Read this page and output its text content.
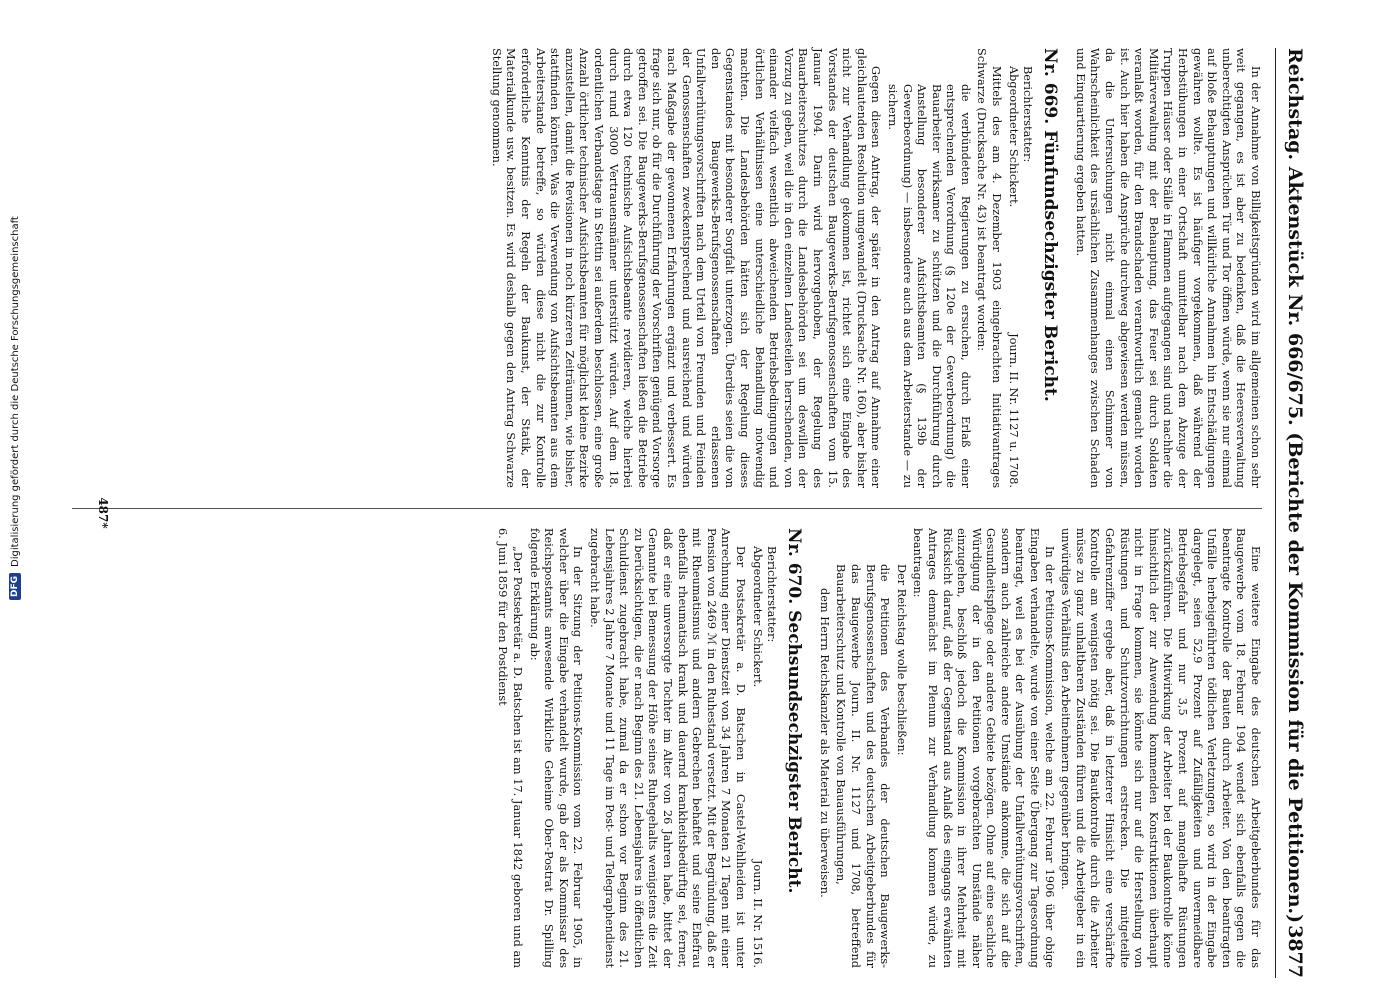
Reichstag. Aktenstück Nr. 666/675. (Berichte der Kommission für die Petitionen.)
3877

In der Annahme von Billigkeitsgründen wird im allgemeinen schon sehr weit gegangen, es ist aber zu bedenken, daß die Heeresverwaltung unberechtigten Ansprüchen Tür und Tor öffnen würde, wenn sie nur einmal auf bloße Behauptungen und willkürliche Annahmen hin Entschädigungen gewähren wollte. Es ist häufiger vorgekommen, daß während der Herbstübungen in einer Ortschaft unmittelbar nach dem Abzuge der Truppen Häuser oder Ställe in Flammen aufgegangen sind und nachher die Militärverwaltung mit der Behauptung, das Feuer sei durch Soldaten veranlaßt worden, für den Brandschaden verantwortlich gemacht worden ist. Auch hier haben die Ansprüche durchweg abgewiesen werden müssen, da die Untersuchungen nicht einmal einen Schimmer von Wahrscheinlichkeit des ursächlichen Zusammenhanges zwischen Schaden und Einquartierung ergeben hatten.

Nr. 669. Fünfundsechzigster Bericht.
Berichterstatter:
Abgeordneter Schickert.
Journ. II. Nr. 1127 u. 1708.

Mittels des am 4. Dezember 1903 eingebrachten Initiativantrages Schwarze (Drucksache Nr. 43) ist beantragt worden:

die verbündeten Regierungen zu ersuchen, durch Erlaß einer entsprechenden Verordnung (§ 120e der Gewerbeordnung) die Bauarbeiter wirksamer zu schützen und die Durchführung durch Anstellung besonderer Aufsichtsbeamten (§ 139b der Gewerbeordnung) — insbesondere auch aus dem Arbeiterstande — zu sichern.

Gegen diesen Antrag, der später in den Antrag auf Annahme einer gleichlautenden Resolution umgewandelt (Drucksache Nr. 160), aber bisher nicht zur Verhandlung gekommen ist, richtet sich eine Eingabe des Vorstandes der deutschen Baugewerks-Berufsgenossenschaften vom 15. Januar 1904. Darin wird hervorgehoben, der Regelung des Bauarbeiterschutzes durch die Landesbehörden sei um deswillen der Vorzug zu geben, weil die in den einzelnen Landesteilen herrschenden, von einander vielfach wesentlich abweichenden Betriebsbedingungen und örtlichen Verhältnissen eine unterschiedliche Behandlung notwendig machten. Die Landesbehörden hätten sich der Regelung dieses Gegenstandes mit besonderer Sorgfalt unterzogen. Überdies seien die von den Baugewerks-Berufsgenossenschaften erlassenen Unfallverhütungsvorschriften nach dem Urteil von Freunden und Feinden der Genossenschaften zweckentsprechend und ausreichend und würden nach Maßgabe der gewonnenen Erfahrungen ergänzt und verbessert. Es frage sich nur, ob für die Durchführung der Vorschriften genügend Vorsorge getroffen sei. Die Baugewerks-Berufsgenossenschaften ließen die Betriebe durch etwa 120 technische Aufsichtsbeamte revidieren, welche hierbei durch rund 3000 Vertrauensmänner unterstützt würden. Auf dem 18. ordentlichen Verbandstage in Stettin sei außerdem beschlossen, eine große Anzahl örtlicher technischer Aufsichtsbeamten für möglichst kleine Bezirke anzustellen, damit die Revisionen in noch kürzeren Zeiträumen, wie bisher, stattfinden könnten. Was die Verwendung von Aufsichtsbeamten aus dem Arbeiterstande betreffe, so würden diese nicht die zur Kontrolle erforderliche Kenntnis der Regeln der Baukunst, der Statik, der Materialkunde usw. besitzen. Es wird deshalb gegen den Antrag Schwarze Stellung genommen.

Eine weitere Eingabe des deutschen Arbeitgeberbundes für das Baugewerbe vom 18. Februar 1904 wendet sich ebenfalls gegen die beantragte Kontrolle der Bauten durch Arbeiter. Von den beantragten Unfälle herbeigeführten tödlichen Verletzungen, so wird in der Eingabe dargelegt, seien 52,9 Prozent auf Zufälligkeiten und unvermeidbare Betriebsgefahr und nur 3,5 Prozent auf mangelhafte Rüstungen zurückzuführen. Die Mitwirkung der Arbeiter bei der Baukontrolle könne hinsichtlich der zur Anwendung kommenden Konstruktionen überhaupt nicht in Frage kommen, sie könnte sich nur auf die Herstellung von Rüstungen und Schutzvorrichtungen erstrecken. Die mitgeteilte Gefahrenziffer ergebe aber, daß in letzterer Hinsicht eine verschärfte Kontrolle am wenigsten nötig sei. Die Bautkontrolle durch die Arbeiter müsse zu ganz unhaltbaren Zuständen führen und die Arbeitgeber in ein unwürdiges Verhältnis den Arbeitnehmern gegenüber bringen.

In der Petitions-Kommission, welche am 22. Februar 1906 über obige Eingaben verhandelte, wurde von einer Seite Übergang zur Tagesordnung beantragt, weil es bei der Ausübung der Unfallverhütungsvorschriften, sondern auch zahlreiche andere Umstände ankomme, die sich auf die Gesundheitspflege oder andere Gebiete bezögen. Ohne auf eine sachliche Würdigung der in den Petitionen vorgebrachten Umstände näher einzugehen, beschloß jedoch die Kommission in ihrer Mehrheit mit Rücksicht darauf, daß der Gegenstand aus Anlaß des eingangs erwähnten Antrages demnächst im Plenum zur Verhandlung kommen würde, zu beantragen:

Der Reichstag wolle beschließen:

die Petitionen des Verbandes der deutschen Baugewerks-Berufsgenossenschaften und des deutschen Arbeitgeberbundes für das Baugewerbe Journ. II. Nr. 1127 und 1708, betreffend Bauarbeiterschutz und Kontrolle von Bauausführungen,

dem Herrn Reichskanzler als Material zu überweisen.

Nr. 670. Sechsundsechzigster Bericht.
Berichterstatter:
Abgeordneter Schickert.
Journ. II. Nr. 1516.

Der Postsekretär a. D. Batschen in Castel-Wehlheiden ist unter Anrechnung einer Dienstzeit von 34 Jahren 7 Monaten 21 Tagen mit einer Pension von 2469 ℳ in den Ruhestand versetzt. Mit der Begründung, daß er mit Rheumatismus und andern Gebrechen behaftet und seine Ehefrau ebenfalls rheumatisch krank und dauernd krankheitsbedürftig sei, ferner, daß er eine unversorgte Tochter im Alter von 26 Jahren habe, bittet der Genannte bei Bemessung der Höhe seines Ruhegehalts wenigstens die Zeit zu berücksichtigen, die er nach Beginn des 21. Lebensjahres in öffentlichen Schuldienst zugebracht habe, zumal da er schon vor Beginn des 21. Lebensjahres 2 Jahre 7 Monate und 11 Tage im Post- und Telegraphendienst zugebracht habe.

In der Sitzung der Petitions-Kommission vom 22. Februar 1905, in welcher über die Eingabe verhandelt wurde, gab der als Kommissar des Reichspostamts anwesende Wirkliche Geheime Ober-Postrat Dr. Spilling folgende Erklärung ab:

„Der Postsekretär a. D. Batschen ist am 17. Januar 1842 geboren und am 6. Juni 1859 für den Postdienst

487*
DFG
Digitalisierung gefördert durch die Deutsche Forschungsgemeinschaft
